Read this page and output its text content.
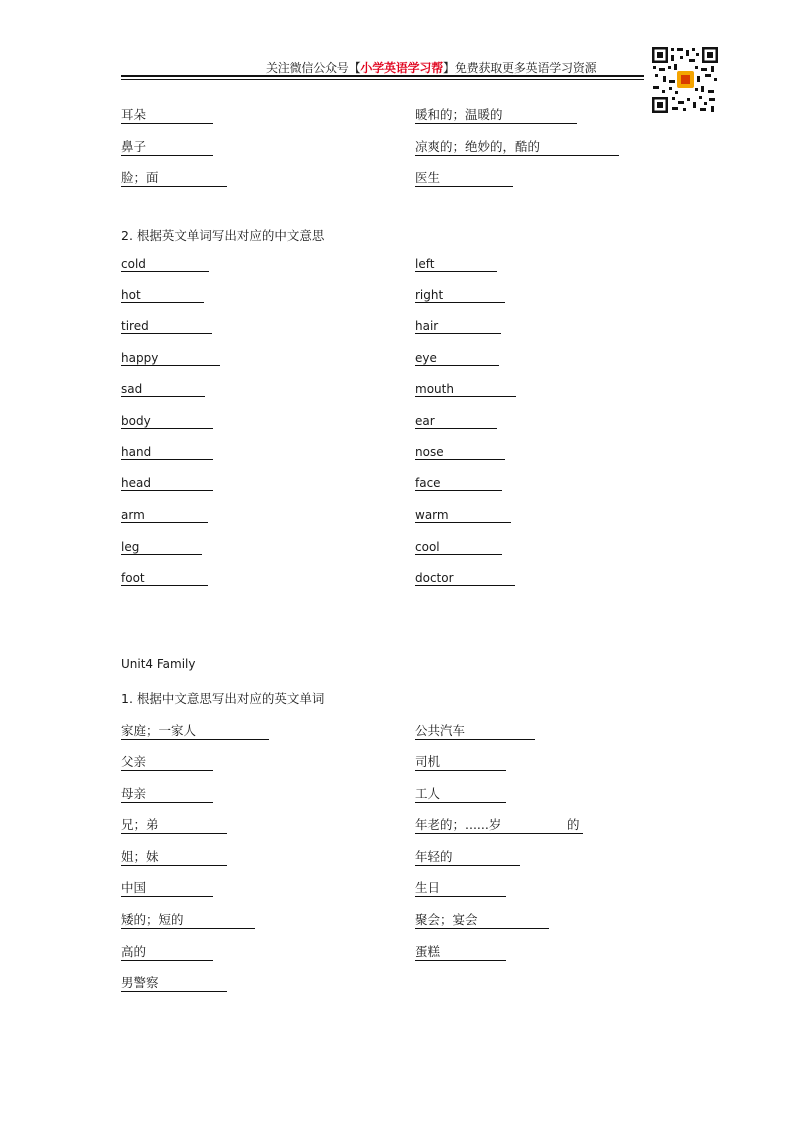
关注微信公众号【小学英语学习帮】免费获取更多英语学习资源
耳朵
鼻子
脸；面
暖和的；温暖的
凉爽的；绝妙的，酷的
医生
2. 根据英文单词写出对应的中文意思
cold
hot
tired
happy
sad
body
hand
head
arm
leg
foot
left
right
hair
eye
mouth
ear
nose
face
warm
cool
doctor
Unit4 Family
1. 根据中文意思写出对应的英文单词
家庭；一家人
父亲
母亲
兄；弟
姐；妹
中国
矮的；短的
高的
男警察
公共汽车
司机
工人
年老的；......岁	的
年轻的
生日
聚会；宴会
蛋糕
